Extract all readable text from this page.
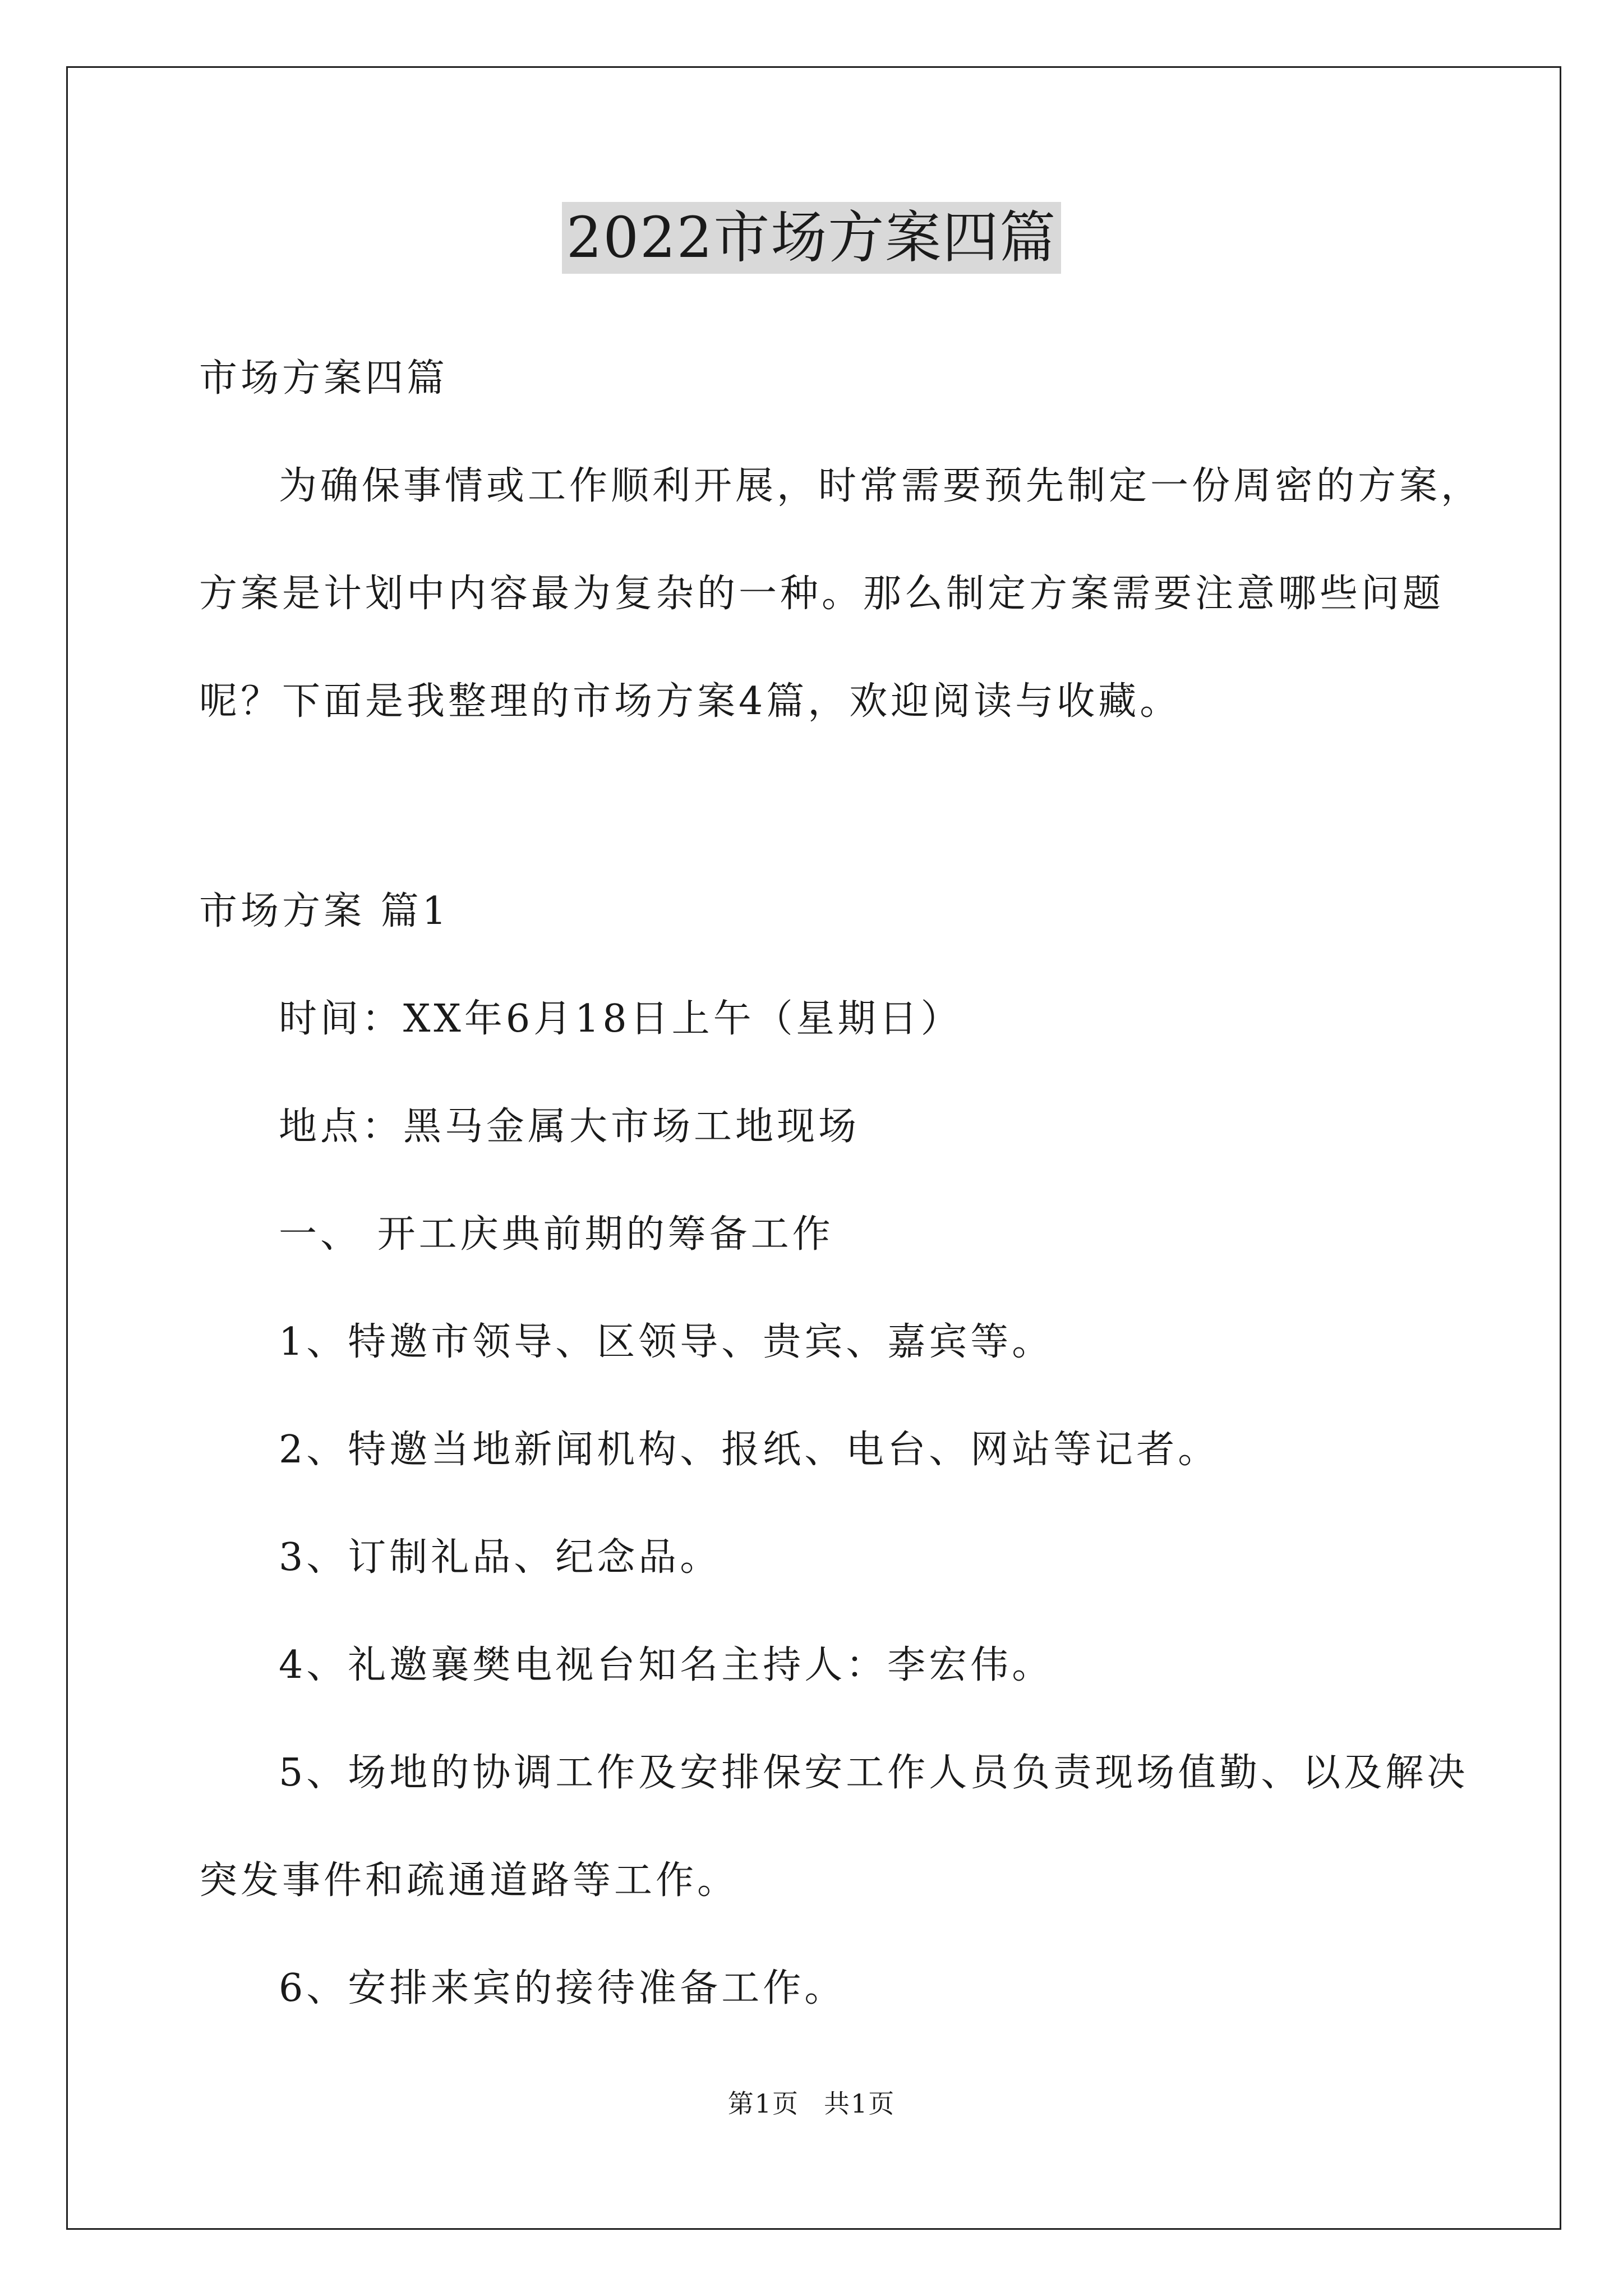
2022市场方案四篇
市场方案四篇
为确保事情或工作顺利开展，时常需要预先制定一份周密的方案，
方案是计划中内容最为复杂的一种。那么制定方案需要注意哪些问题
呢？下面是我整理的市场方案4篇，欢迎阅读与收藏。
市场方案 篇1
时间：XX年6月18日上午（星期日）
地点：黑马金属大市场工地现场
一、 开工庆典前期的筹备工作
1、特邀市领导、区领导、贵宾、嘉宾等。
2、特邀当地新闻机构、报纸、电台、网站等记者。
3、订制礼品、纪念品。
4、礼邀襄樊电视台知名主持人：李宏伟。
5、场地的协调工作及安排保安工作人员负责现场值勤、以及解决
突发事件和疏通道路等工作。
6、安排来宾的接待准备工作。
第1页 共1页
